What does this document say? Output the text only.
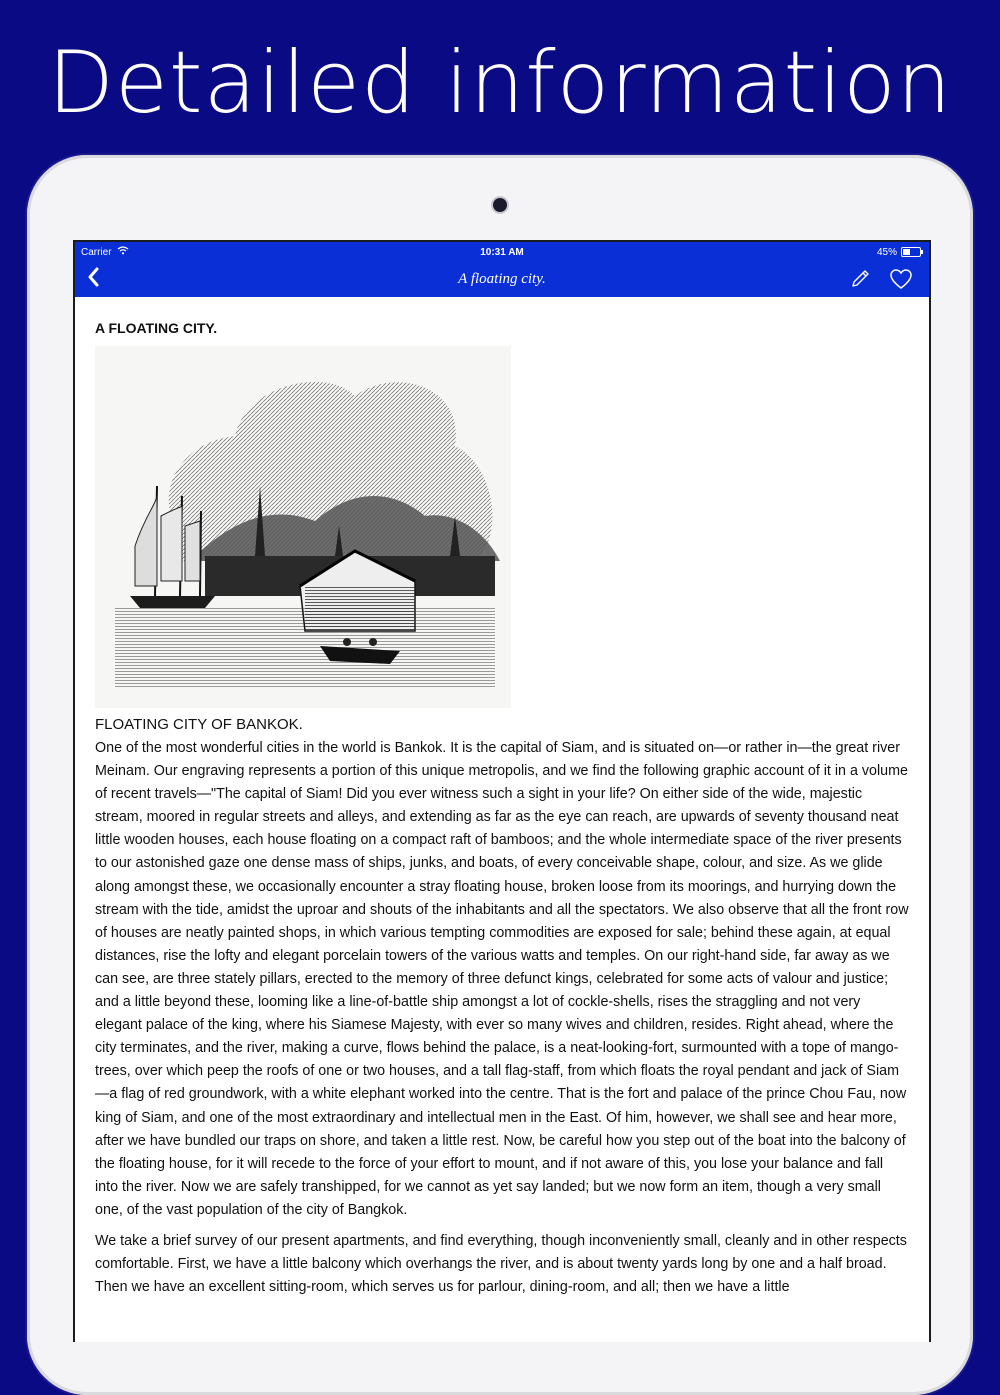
Detailed information
Carrier	10:31 AM	45%
A floating city.
A FLOATING CITY.
FLOATING CITY OF BANKOK.

One of the most wonderful cities in the world is Bankok. It is the capital of Siam, and is situated on—or rather in—the great river Meinam. Our engraving represents a portion of this unique metropolis, and we find the following graphic account of it in a volume of recent travels—"The capital of Siam! Did you ever witness such a sight in your life? On either side of the wide, majestic stream, moored in regular streets and alleys, and extending as far as the eye can reach, are upwards of seventy thousand neat little wooden houses, each house floating on a compact raft of bamboos; and the whole intermediate space of the river presents to our astonished gaze one dense mass of ships, junks, and boats, of every conceivable shape, colour, and size. As we glide along amongst these, we occasionally encounter a stray floating house, broken loose from its moorings, and hurrying down the stream with the tide, amidst the uproar and shouts of the inhabitants and all the spectators. We also observe that all the front row of houses are neatly painted shops, in which various tempting commodities are exposed for sale; behind these again, at equal distances, rise the lofty and elegant porcelain towers of the various watts and temples. On our right-hand side, far away as we can see, are three stately pillars, erected to the memory of three defunct kings, celebrated for some acts of valour and justice; and a little beyond these, looming like a line-of-battle ship amongst a lot of cockle-shells, rises the straggling and not very elegant palace of the king, where his Siamese Majesty, with ever so many wives and children, resides. Right ahead, where the city terminates, and the river, making a curve, flows behind the palace, is a neat-looking-fort, surmounted with a tope of mango-trees, over which peep the roofs of one or two houses, and a tall flag-staff, from which floats the royal pendant and jack of Siam—a flag of red groundwork, with a white elephant worked into the centre. That is the fort and palace of the prince Chou Fau, now king of Siam, and one of the most extraordinary and intellectual men in the East. Of him, however, we shall see and hear more, after we have bundled our traps on shore, and taken a little rest. Now, be careful how you step out of the boat into the balcony of the floating house, for it will recede to the force of your effort to mount, and if not aware of this, you lose your balance and fall into the river. Now we are safely transhipped, for we cannot as yet say landed; but we now form an item, though a very small one, of the vast population of the city of Bangkok.

We take a brief survey of our present apartments, and find everything, though inconveniently small, cleanly and in other respects comfortable. First, we have a little balcony which overhangs the river, and is about twenty yards long by one and a half broad. Then we have an excellent sitting-room, which serves us for parlour, dining-room, and all; then we have a little
